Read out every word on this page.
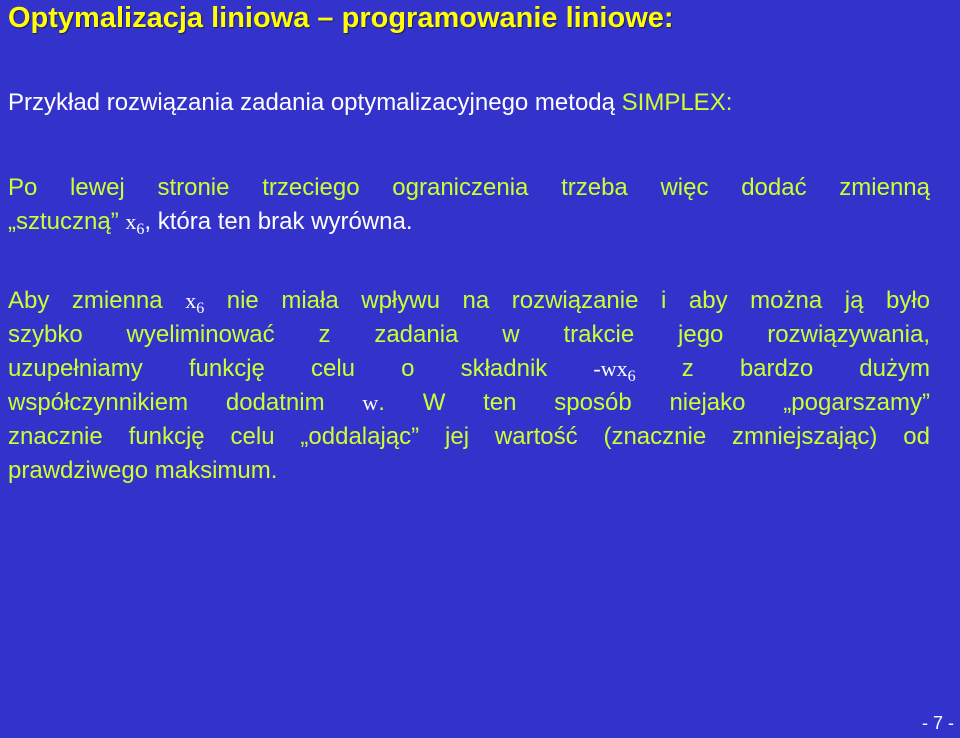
Optymalizacja liniowa – programowanie liniowe:
Przykład rozwiązania zadania optymalizacyjnego metodą SIMPLEX:
Po lewej stronie trzeciego ograniczenia trzeba więc dodać zmienną
„sztuczną” $x_6$, która ten brak wyrówna.
Aby zmienna $x_6$ nie miała wpływu na rozwiązanie i aby można ją było
szybko wyeliminować z zadania w trakcie jego rozwiązywania,
uzupełniamy funkcję celu o składnik $-wx_6$ z bardzo dużym
współczynnikiem dodatnim w. W ten sposób niejako „pogarszamy”
znacznie funkcję celu „oddalając” jej wartość (znacznie zmniejszając) od
prawdziwego maksimum.
- 7 -
